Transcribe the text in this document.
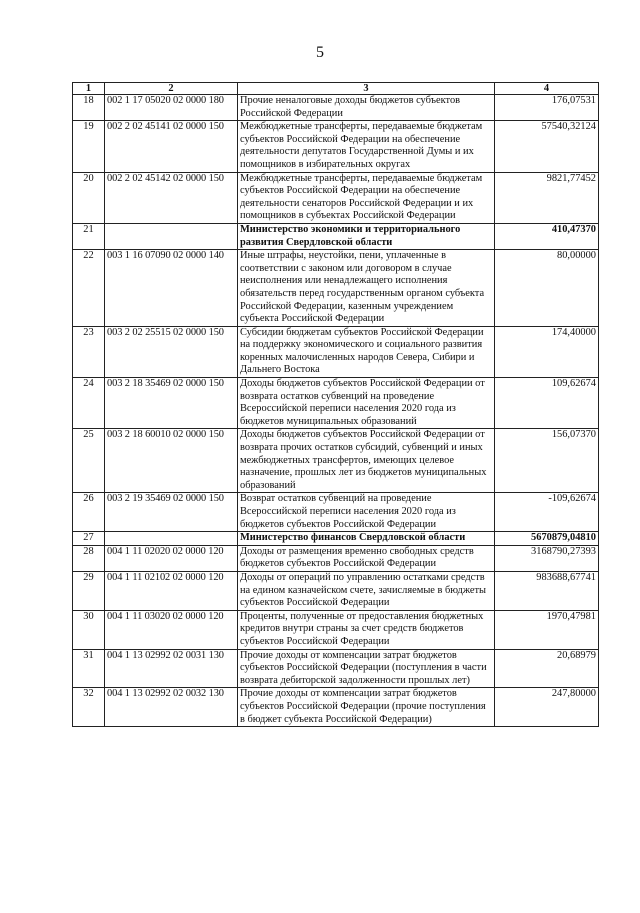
5
1	2	3	4
18	002 1 17 05020 02 0000 180	Прочие неналоговые доходы бюджетов субъектов Российской Федерации	176,07531
19	002 2 02 45141 02 0000 150	Межбюджетные трансферты, передаваемые бюджетам субъектов Российской Федерации на обеспечение деятельности депутатов Государственной Думы и их помощников в избирательных округах	57540,32124
20	002 2 02 45142 02 0000 150	Межбюджетные трансферты, передаваемые бюджетам субъектов Российской Федерации на обеспечение деятельности сенаторов Российской Федерации и их помощников в субъектах Российской Федерации	9821,77452
21		Министерство экономики и территориального развития Свердловской области	410,47370
22	003 1 16 07090 02 0000 140	Иные штрафы, неустойки, пени, уплаченные в соответствии с законом или договором в случае неисполнения или ненадлежащего исполнения обязательств перед государственным органом субъекта Российской Федерации, казенным учреждением субъекта Российской Федерации	80,00000
23	003 2 02 25515 02 0000 150	Субсидии бюджетам субъектов Российской Федерации на поддержку экономического и социального развития коренных малочисленных народов Севера, Сибири и Дальнего Востока	174,40000
24	003 2 18 35469 02 0000 150	Доходы бюджетов субъектов Российской Федерации от возврата остатков субвенций на проведение Всероссийской переписи населения 2020 года из бюджетов муниципальных образований	109,62674
25	003 2 18 60010 02 0000 150	Доходы бюджетов субъектов Российской Федерации от возврата прочих остатков субсидий, субвенций и иных межбюджетных трансфертов, имеющих целевое назначение, прошлых лет из бюджетов муниципальных образований	156,07370
26	003 2 19 35469 02 0000 150	Возврат остатков субвенций на проведение Всероссийской переписи населения 2020 года из бюджетов субъектов Российской Федерации	-109,62674
27		Министерство финансов Свердловской области	5670879,04810
28	004 1 11 02020 02 0000 120	Доходы от размещения временно свободных средств бюджетов субъектов Российской Федерации	3168790,27393
29	004 1 11 02102 02 0000 120	Доходы от операций по управлению остатками средств на едином казначейском счете, зачисляемые в бюджеты субъектов Российской Федерации	983688,67741
30	004 1 11 03020 02 0000 120	Проценты, полученные от предоставления бюджетных кредитов внутри страны за счет средств бюджетов субъектов Российской Федерации	1970,47981
31	004 1 13 02992 02 0031 130	Прочие доходы от компенсации затрат бюджетов субъектов Российской Федерации (поступления в части возврата дебиторской задолженности прошлых лет)	20,68979
32	004 1 13 02992 02 0032 130	Прочие доходы от компенсации затрат бюджетов субъектов Российской Федерации (прочие поступления в бюджет субъекта Российской Федерации)	247,80000
